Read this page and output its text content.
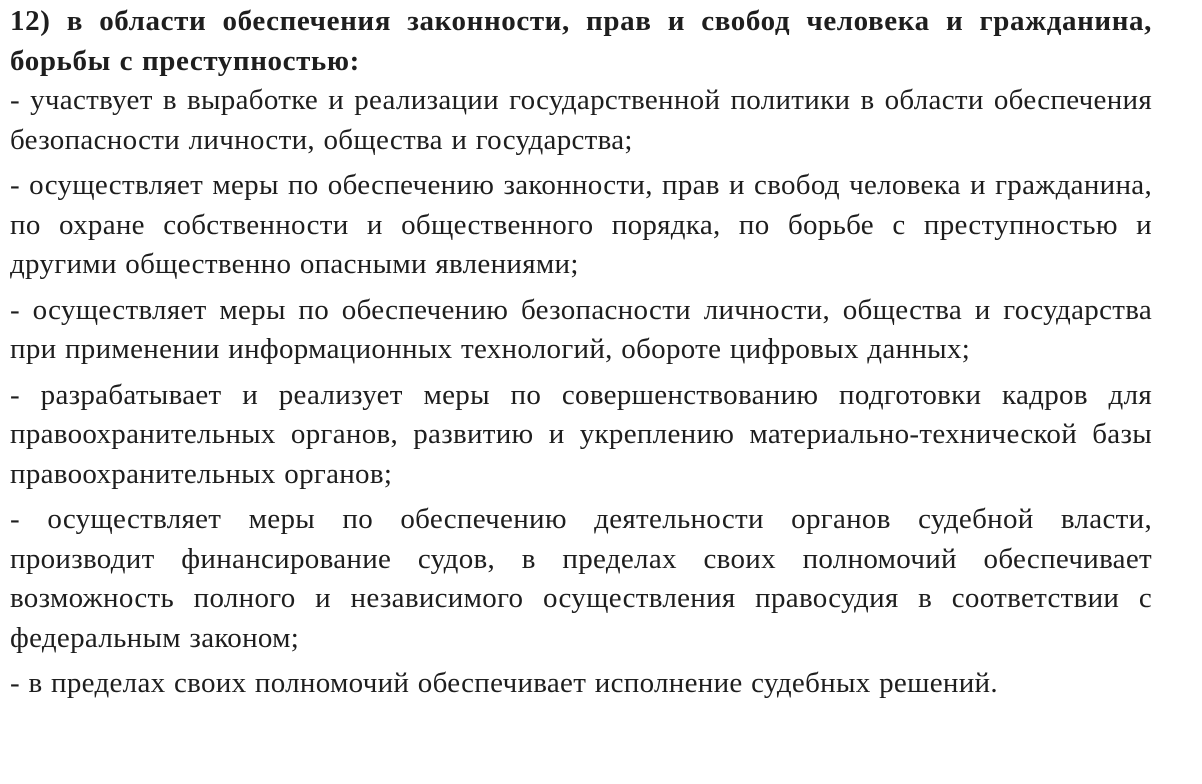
12) в области обеспечения законности, прав и свобод человека и гражданина, борьбы с преступностью:
- участвует в выработке и реализации государственной политики в области обеспечения безопасности личности, общества и государства;
- осуществляет меры по обеспечению законности, прав и свобод человека и гражданина, по охране собственности и общественного порядка, по борьбе с преступностью и другими общественно опасными явлениями;
- осуществляет меры по обеспечению безопасности личности, общества и государства при применении информационных технологий, обороте цифровых данных;
- разрабатывает и реализует меры по совершенствованию подготовки кадров для правоохранительных органов, развитию и укреплению материально-технической базы правоохранительных органов;
- осуществляет меры по обеспечению деятельности органов судебной власти, производит финансирование судов, в пределах своих полномочий обеспечивает возможность полного и независимого осуществления правосудия в соответствии с федеральным законом;
- в пределах своих полномочий обеспечивает исполнение судебных решений.
